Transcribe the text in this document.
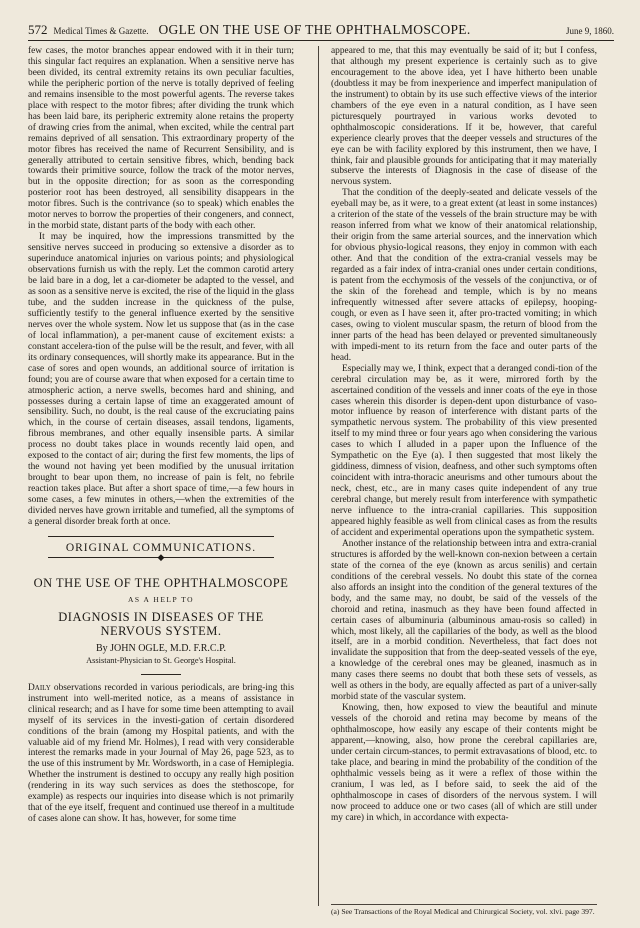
572 Medical Times & Gazette. OGLE ON THE USE OF THE OPHTHALMOSCOPE.	June 9, 1860.

few cases, the motor branches appear endowed with it in their turn; this singular fact requires an explanation. When a sensitive nerve has been divided, its central extremity retains its own peculiar faculties, while the peripheric portion of the nerve is totally deprived of feeling and remains insensible to the most powerful agents. The reverse takes place with respect to the motor fibres; after dividing the trunk which has been laid bare, its peripheric extremity alone retains the property of drawing cries from the animal, when excited, while the central part remains deprived of all sensation. This extraordinary property of the motor fibres has received the name of Recurrent Sensibility, and is generally attributed to certain sensitive fibres, which, bending back towards their primitive source, follow the track of the motor nerves, but in the opposite direction; for as soon as the corresponding posterior root has been destroyed, all sensibility disappears in the motor fibres. Such is the contrivance (so to speak) which enables the motor nerves to borrow the properties of their congeners, and connect, in the morbid state, distant parts of the body with each other.

It may be inquired, how the impressions transmitted by the sensitive nerves succeed in producing so extensive a disorder as to superinduce anatomical injuries on various points; and physiological observations furnish us with the reply. Let the common carotid artery be laid bare in a dog, let a car-diometer be adapted to the vessel, and as soon as a sensitive nerve is excited, the rise of the liquid in the glass tube, and the sudden increase in the quickness of the pulse, sufficiently testify to the general influence exerted by the sensitive nerves over the whole system. Now let us suppose that (as in the case of local inflammation), a per-manent cause of excitement exists: a constant accelera-tion of the pulse will be the result, and fever, with all its ordinary consequences, will shortly make its appearance. But in the case of sores and open wounds, an additional source of irritation is found; you are of course aware that when exposed for a certain time to atmospheric action, a nerve swells, becomes hard and shining, and possesses during a certain lapse of time an exaggerated amount of sensibility. Such, no doubt, is the real cause of the excruciating pains which, in the course of certain diseases, assail tendons, ligaments, fibrous membranes, and other equally insensible parts. A similar process no doubt takes place in wounds recently laid open, and exposed to the contact of air; during the first few moments, the lips of the wound not having yet been modified by the unusual irritation brought to bear upon them, no increase of pain is felt, no febrile reaction takes place. But after a short space of time,—a few hours in some cases, a few minutes in others,—when the extremities of the divided nerves have grown irritable and tumefied, all the symptoms of a general disorder break forth at once.

ORIGINAL COMMUNICATIONS.
◆
ON THE USE OF THE OPHTHALMOSCOPE
AS A HELP TO
DIAGNOSIS IN DISEASES OF THE
NERVOUS SYSTEM.
By JOHN OGLE, M.D. F.R.C.P.
Assistant-Physician to St. George's Hospital.

Daily observations recorded in various periodicals, are bring-ing this instrument into well-merited notice, as a means of assistance in clinical research; and as I have for some time been attempting to avail myself of its services in the investi-gation of certain disordered conditions of the brain (among my Hospital patients, and with the valuable aid of my friend Mr. Holmes), I read with very considerable interest the remarks made in your Journal of May 26, page 523, as to the use of this instrument by Mr. Wordsworth, in a case of Hemiplegia. Whether the instrument is destined to occupy any really high position (rendering in its way such services as does the stethoscope, for example) as respects our inquiries into disease which is not primarily that of the eye itself, frequent and continued use thereof in a multitude of cases alone can show. It has, however, for some time

appeared to me, that this may eventually be said of it; but I confess, that although my present experience is certainly such as to give encouragement to the above idea, yet I have hitherto been unable (doubtless it may be from inexperience and imperfect manipulation of the instrument) to obtain by its use such effective views of the interior chambers of the eye even in a natural condition, as I have seen picturesquely pourtrayed in various works devoted to ophthalmoscopic considerations. If it be, however, that careful experience clearly proves that the deeper vessels and structures of the eye can be with facility explored by this instrument, then we have, I think, fair and plausible grounds for anticipating that it may materially subserve the interests of Diagnosis in the case of disease of the nervous system.

That the condition of the deeply-seated and delicate vessels of the eyeball may be, as it were, to a great extent (at least in some instances) a criterion of the state of the vessels of the brain structure may be with reason inferred from what we know of their anatomical relationship, their origin from the same arterial sources, and the innervation which for obvious physio-logical reasons, they enjoy in common with each other. And that the condition of the extra-cranial vessels may be regarded as a fair index of intra-cranial ones under certain conditions, is patent from the ecchymosis of the vessels of the conjunctiva, or of the skin of the forehead and temple, which is by no means infrequently witnessed after severe attacks of epilepsy, hooping-cough, or even as I have seen it, after pro-tracted vomiting; in which cases, owing to violent muscular spasm, the return of blood from the inner parts of the head has been delayed or prevented simultaneously with impedi-ment to its return from the face and outer parts of the head.

Especially may we, I think, expect that a deranged condi-tion of the cerebral circulation may be, as it were, mirrored forth by the ascertained condition of the vessels and inner coats of the eye in those cases wherein this disorder is depen-dent upon disturbance of vaso-motor influence by reason of interference with distant parts of the sympathetic nervous system. The probability of this view presented itself to my mind three or four years ago when considering the various cases to which I alluded in a paper upon the Influence of the Sympathetic on the Eye (a). I then suggested that most likely the giddiness, dimness of vision, deafness, and other such symptoms often coincident with intra-thoracic aneurisms and other tumours about the neck, chest, etc., are in many cases quite independent of any true cerebral change, but merely result from interference with sympathetic nerve influence to the intra-cranial capillaries. This supposition appeared highly feasible as well from clinical cases as from the results of accident and experimental operations upon the sympathetic system.

Another instance of the relationship between intra and extra-cranial structures is afforded by the well-known con-nexion between a certain state of the cornea of the eye (known as arcus senilis) and certain conditions of the cerebral vessels. No doubt this state of the cornea also affords an insight into the condition of the general textures of the body, and the same may, no doubt, be said of the vessels of the choroid and retina, inasmuch as they have been found affected in certain cases of albuminuria (albuminous amau-rosis so called) in which, most likely, all the capillaries of the body, as well as the blood itself, are in a morbid condition. Nevertheless, that fact does not invalidate the supposition that from the deep-seated vessels of the eye, a knowledge of the cerebral ones may be gleaned, inasmuch as in many cases there seems no doubt that both these sets of vessels, as well as others in the body, are equally affected as part of a univer-sally morbid state of the vascular system.

Knowing, then, how exposed to view the beautiful and minute vessels of the choroid and retina may become by means of the ophthalmoscope, how easily any escape of their contents might be apparent,—knowing, also, how prone the cerebral capillaries are, under certain circum-stances, to permit extravasations of blood, etc. to take place, and bearing in mind the probability of the condition of the ophthalmic vessels being as it were a reflex of those within the cranium, I was led, as I before said, to seek the aid of the ophthalmoscope in cases of disorders of the nervous system. I will now proceed to adduce one or two cases (all of which are still under my care) in which, in accordance with expecta-

(a) See Transactions of the Royal Medical and Chirurgical Society, vol. xlvi. page 397.
